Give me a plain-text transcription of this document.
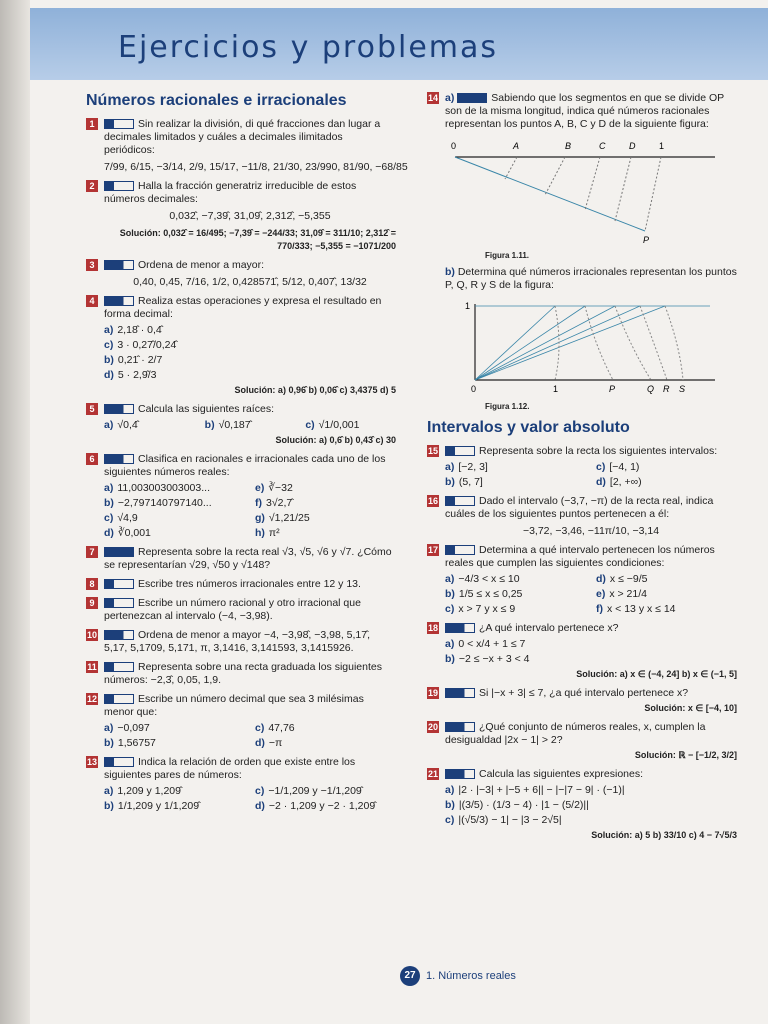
Ejercicios y problemas
Números racionales e irracionales
1	Sin realizar la división, di qué fracciones dan lugar a decimales limitados y cuáles a decimales ilimitados periódicos:
7/99, 6/15, −3/14, 2/9, 15/17, −11/8, 21/30, 23/990, 81/90, −68/85
2	Halla la fracción generatriz irreducible de estos números decimales:
0,032̂, −7,39̂, 31,09̂, 2,312̂, −5,355
Solución: 0,032̂ = 16/495; −7,39̂ = −244/33; 31,09̂ = 311/10; 2,312̂ = 770/333; −5,355 = −1071/200
3	Ordena de menor a mayor:
0,40, 0,45, 7/16, 1/2, 0,428571̂, 5/12, 0,407̂, 13/32
4	Realiza estas operaciones y expresa el resultado en forma decimal:
a) 2,18̂ · 0,4̂
c) 3 · 0,27̂/0,24̂
b) 0,21̂ · 2/7
d) 5 · 2,9̂/3
Solución: a) 0,96̂ b) 0,06̂ c) 3,4375 d) 5
5	Calcula las siguientes raíces:
a) √0,4̂	b) √0,187̂	c) √1/0,001
Solución: a) 0,6̂ b) 0,43̂ c) 30
6	Clasifica en racionales e irracionales cada uno de los siguientes números reales:
a) 11,003003003003...	e) ∛−32
b) −2,797140797140...	f) 3√2,7̂
c) √4,9	g) √1,21/25
d) ∛0,001	h) π²
7	Representa sobre la recta real √3, √5, √6 y √7. ¿Cómo se representarían √29, √50 y √148?
8	Escribe tres números irracionales entre 12 y 13.
9	Escribe un número racional y otro irracional que pertenezcan al intervalo (−4, −3,98).
10	Ordena de menor a mayor −4, −3,98̂, −3,98, 5,17̂, 5,17, 5,1709, 5,171, π, 3,1416, 3,141593, 3,1415926.
11	Representa sobre una recta graduada los siguientes números: −2,3̂, 0,05, 1,9.
12	Escribe un número decimal que sea 3 milésimas menor que:
a) −0,097	c) 47,76
b) 1,56757	d) −π
13	Indica la relación de orden que existe entre los siguientes pares de números:
a) 1,209 y 1,209̂	c) −1/1,209 y −1/1,209̂
b) 1/1,209 y 1/1,209̂	d) −2 · 1,209 y −2 · 1,209̂
14 a)	Sabiendo que los segmentos en que se divide OP son de la misma longitud, indica qué números racionales representan los puntos A, B, C y D de la siguiente figura:
0	A	B	C	D	1
P
Figura 1.11.
b) Determina qué números irracionales representan los puntos P, Q, R y S de la figura:
1
0	1	P	Q R S
Figura 1.12.
Intervalos y valor absoluto
15	Representa sobre la recta los siguientes intervalos:
a) [−2, 3]	c) [−4, 1)
b) (5, 7]	d) [2, +∞)
16	Dado el intervalo (−3,7, −π) de la recta real, indica cuáles de los siguientes puntos pertenecen a él:
−3,72, −3,46, −11π/10, −3,14
17	Determina a qué intervalo pertenecen los números reales que cumplen las siguientes condiciones:
a) −4/3 < x ≤ 10	d) x ≤ −9/5
b) 1/5 ≤ x ≤ 0,25	e) x > 21/4
c) x > 7 y x ≤ 9	f) x < 13 y x ≤ 14
18	¿A qué intervalo pertenece x?
a) 0 < x/4 + 1 ≤ 7
b) −2 ≤ −x + 3 < 4
Solución: a) x ∈ (−4, 24] b) x ∈ (−1, 5]
19	Si |−x + 3| ≤ 7, ¿a qué intervalo pertenece x?
Solución: x ∈ [−4, 10]
20	¿Qué conjunto de números reales, x, cumplen la desigualdad |2x − 1| > 2?
Solución: ℝ − [−1/2, 3/2]
21	Calcula las siguientes expresiones:
a) |2 · |−3| + |−5 + 6|| − |−|7 − 9| · (−1)|
b) |(3/5) · (1/3 − 4) · |1 − (5/2)||
c) |(√5/3) − 1| − |3 − 2√5|
Solución: a) 5 b) 33/10 c) 4 − 7√5/3
27 1. Números reales
